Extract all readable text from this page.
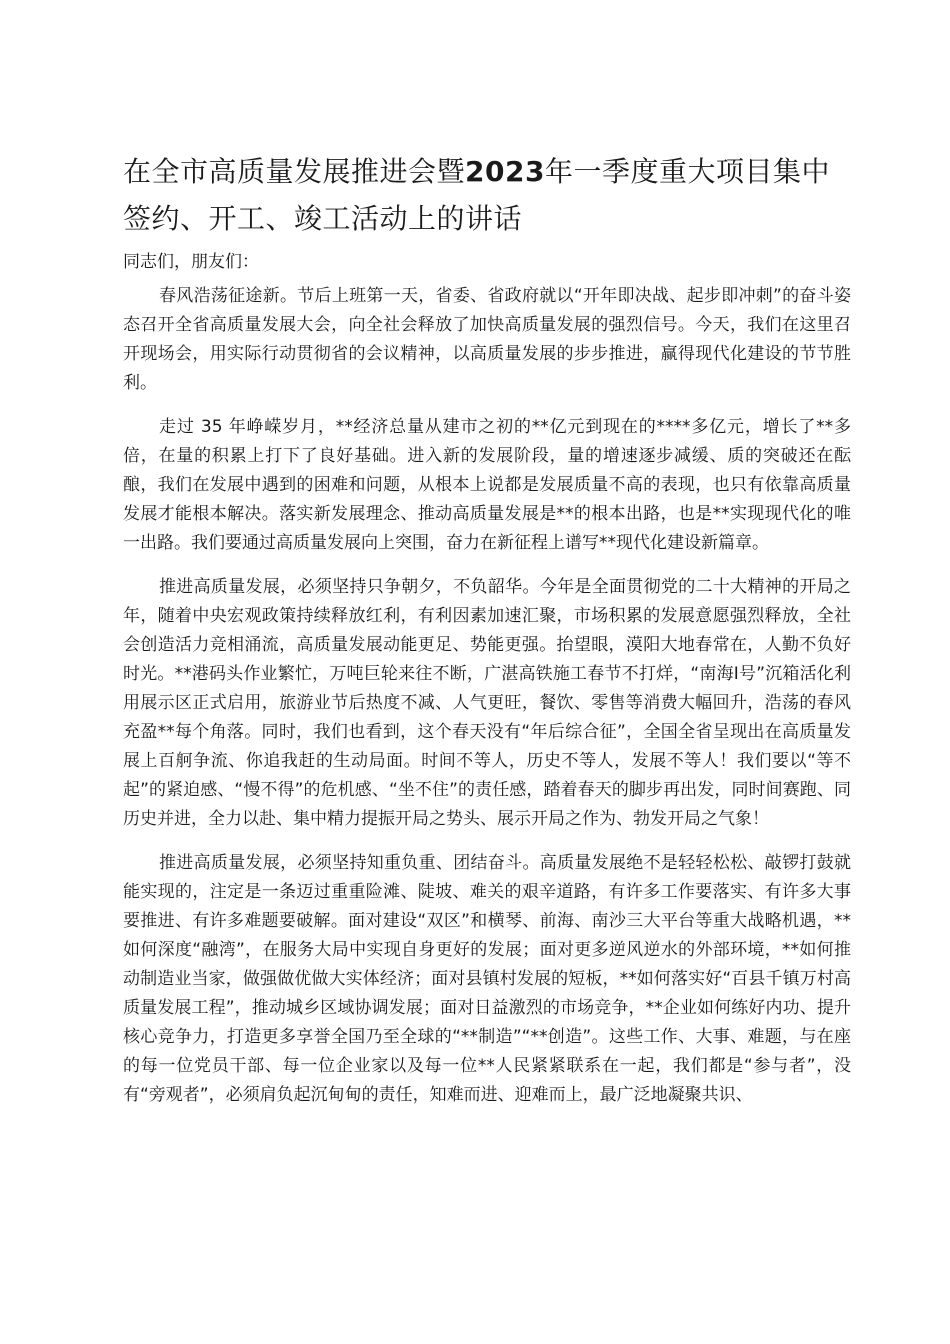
在全市高质量发展推进会暨2023年一季度重大项目集中签约、开工、竣工活动上的讲话

同志们，朋友们：

春风浩荡征途新。节后上班第一天，省委、省政府就以“开年即决战、起步即冲刺”的奋斗姿态召开全省高质量发展大会，向全社会释放了加快高质量发展的强烈信号。今天，我们在这里召开现场会，用实际行动贯彻省的会议精神，以高质量发展的步步推进，赢得现代化建设的节节胜利。

走过 35 年峥嵘岁月，**经济总量从建市之初的**亿元到现在的****多亿元，增长了**多倍，在量的积累上打下了良好基础。进入新的发展阶段，量的增速逐步减缓、质的突破还在酝酿，我们在发展中遇到的困难和问题，从根本上说都是发展质量不高的表现，也只有依靠高质量发展才能根本解决。落实新发展理念、推动高质量发展是**的根本出路，也是**实现现代化的唯一出路。我们要通过高质量发展向上突围，奋力在新征程上谱写**现代化建设新篇章。

推进高质量发展，必须坚持只争朝夕，不负韶华。今年是全面贯彻党的二十大精神的开局之年，随着中央宏观政策持续释放红利，有利因素加速汇聚，市场积累的发展意愿强烈释放，全社会创造活力竞相涌流，高质量发展动能更足、势能更强。抬望眼，漠阳大地春常在，人勤不负好时光。**港码头作业繁忙，万吨巨轮来往不断，广湛高铁施工春节不打烊，“南海Ⅰ号”沉箱活化利用展示区正式启用，旅游业节后热度不减、人气更旺，餐饮、零售等消费大幅回升，浩荡的春风充盈**每个角落。同时，我们也看到，这个春天没有“年后综合征”，全国全省呈现出在高质量发展上百舸争流、你追我赶的生动局面。时间不等人，历史不等人，发展不等人！我们要以“等不起”的紧迫感、“慢不得”的危机感、“坐不住”的责任感，踏着春天的脚步再出发，同时间赛跑、同历史并进，全力以赴、集中精力提振开局之势头、展示开局之作为、勃发开局之气象！

推进高质量发展，必须坚持知重负重、团结奋斗。高质量发展绝不是轻轻松松、敲锣打鼓就能实现的，注定是一条迈过重重险滩、陡坡、难关的艰辛道路，有许多工作要落实、有许多大事要推进、有许多难题要破解。面对建设“双区”和横琴、前海、南沙三大平台等重大战略机遇，**如何深度“融湾”，在服务大局中实现自身更好的发展；面对更多逆风逆水的外部环境，**如何推动制造业当家，做强做优做大实体经济；面对县镇村发展的短板，**如何落实好“百县千镇万村高质量发展工程”，推动城乡区域协调发展；面对日益激烈的市场竞争，**企业如何练好内功、提升核心竞争力，打造更多享誉全国乃至全球的“**制造”“**创造”。这些工作、大事、难题，与在座的每一位党员干部、每一位企业家以及每一位**人民紧紧联系在一起，我们都是“参与者”，没有“旁观者”，必须肩负起沉甸甸的责任，知难而进、迎难而上，最广泛地凝聚共识、
